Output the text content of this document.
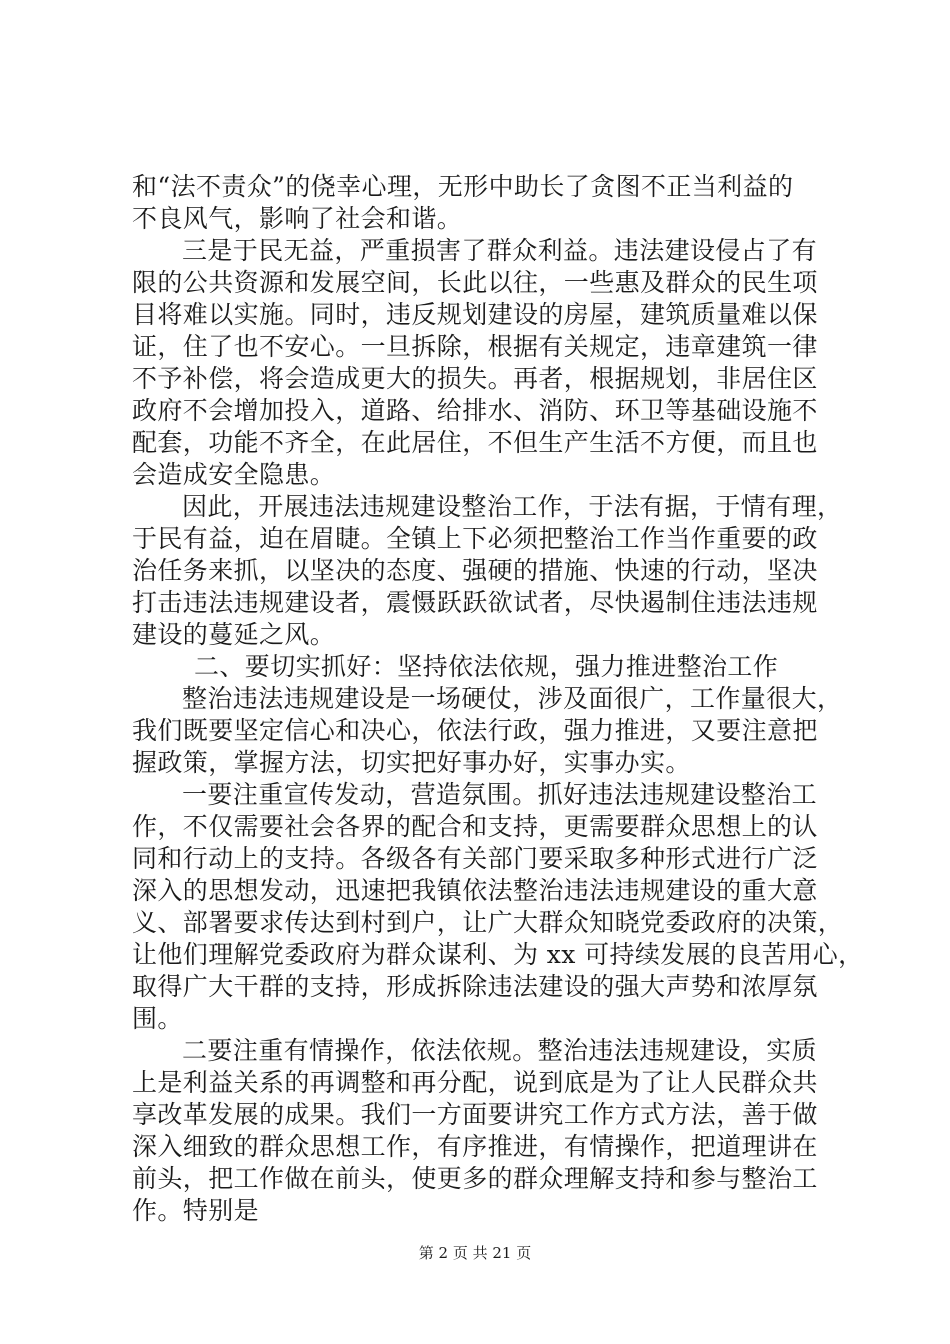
和“法不责众”的侥幸心理，无形中助长了贪图不正当利益的
不良风气，影响了社会和谐。
三是于民无益，严重损害了群众利益。违法建设侵占了有
限的公共资源和发展空间，长此以往，一些惠及群众的民生项
目将难以实施。同时，违反规划建设的房屋，建筑质量难以保
证，住了也不安心。一旦拆除，根据有关规定，违章建筑一律
不予补偿，将会造成更大的损失。再者，根据规划，非居住区
政府不会增加投入，道路、给排水、消防、环卫等基础设施不
配套，功能不齐全，在此居住，不但生产生活不方便，而且也
会造成安全隐患。
因此，开展违法违规建设整治工作，于法有据，于情有理，
于民有益，迫在眉睫。全镇上下必须把整治工作当作重要的政
治任务来抓，以坚决的态度、强硬的措施、快速的行动，坚决
打击违法违规建设者，震慑跃跃欲试者，尽快遏制住违法违规
建设的蔓延之风。
二、要切实抓好：坚持依法依规，强力推进整治工作
整治违法违规建设是一场硬仗，涉及面很广，工作量很大，
我们既要坚定信心和决心，依法行政，强力推进，又要注意把
握政策，掌握方法，切实把好事办好，实事办实。
一要注重宣传发动，营造氛围。抓好违法违规建设整治工
作，不仅需要社会各界的配合和支持，更需要群众思想上的认
同和行动上的支持。各级各有关部门要采取多种形式进行广泛
深入的思想发动，迅速把我镇依法整治违法违规建设的重大意
义、部署要求传达到村到户，让广大群众知晓党委政府的决策，
让他们理解党委政府为群众谋利、为 xx 可持续发展的良苦用心，
取得广大干群的支持，形成拆除违法建设的强大声势和浓厚氛
围。
二要注重有情操作，依法依规。整治违法违规建设，实质
上是利益关系的再调整和再分配，说到底是为了让人民群众共
享改革发展的成果。我们一方面要讲究工作方式方法，善于做
深入细致的群众思想工作，有序推进，有情操作，把道理讲在
前头，把工作做在前头，使更多的群众理解支持和参与整治工
作。特别是
第 2 页 共 21 页
